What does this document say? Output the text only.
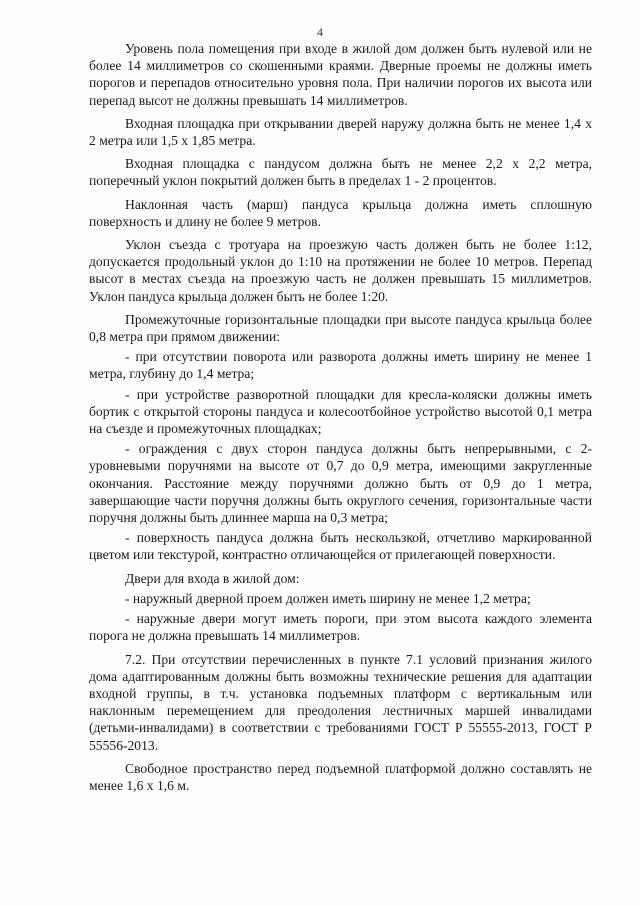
4

Уровень пола помещения при входе в жилой дом должен быть нулевой или не более 14 миллиметров со скошенными краями. Дверные проемы не должны иметь порогов и перепадов относительно уровня пола. При наличии порогов их высота или перепад высот не должны превышать 14 миллиметров.

Входная площадка при открывании дверей наружу должна быть не менее 1,4 х 2 метра или 1,5 х 1,85 метра.

Входная площадка с пандусом должна быть не менее 2,2 х 2,2 метра, поперечный уклон покрытий должен быть в пределах 1 - 2 процентов.

Наклонная часть (марш) пандуса крыльца должна иметь сплошную поверхность и длину не более 9 метров.

Уклон съезда с тротуара на проезжую часть должен быть не более 1:12, допускается продольный уклон до 1:10 на протяжении не более 10 метров. Перепад высот в местах съезда на проезжую часть не должен превышать 15 миллиметров. Уклон пандуса крыльца должен быть не более 1:20.

Промежуточные горизонтальные площадки при высоте пандуса крыльца более 0,8 метра при прямом движении:

- при отсутствии поворота или разворота должны иметь ширину не менее 1 метра, глубину до 1,4 метра;

- при устройстве разворотной площадки для кресла-коляски должны иметь бортик с открытой стороны пандуса и колесоотбойное устройство высотой 0,1 метра на съезде и промежуточных площадках;

- ограждения с двух сторон пандуса должны быть непрерывными, с 2-уровневыми поручнями на высоте от 0,7 до 0,9 метра, имеющими закругленные окончания. Расстояние между поручнями должно быть от 0,9 до 1 метра, завершающие части поручня должны быть округлого сечения, горизонтальные части поручня должны быть длиннее марша на 0,3 метра;

- поверхность пандуса должна быть нескользкой, отчетливо маркированной цветом или текстурой, контрастно отличающейся от прилегающей поверхности.

Двери для входа в жилой дом:

- наружный дверной проем должен иметь ширину не менее 1,2 метра;

- наружные двери могут иметь пороги, при этом высота каждого элемента порога не должна превышать 14 миллиметров.

7.2. При отсутствии перечисленных в пункте 7.1 условий признания жилого дома адаптированным должны быть возможны технические решения для адаптации входной группы, в т.ч. установка подъемных платформ с вертикальным или наклонным перемещением для преодоления лестничных маршей инвалидами (детьми-инвалидами) в соответствии с требованиями ГОСТ Р 55555-2013, ГОСТ Р 55556-2013.

Свободное пространство перед подъемной платформой должно составлять не менее 1,6 х 1,6 м.
